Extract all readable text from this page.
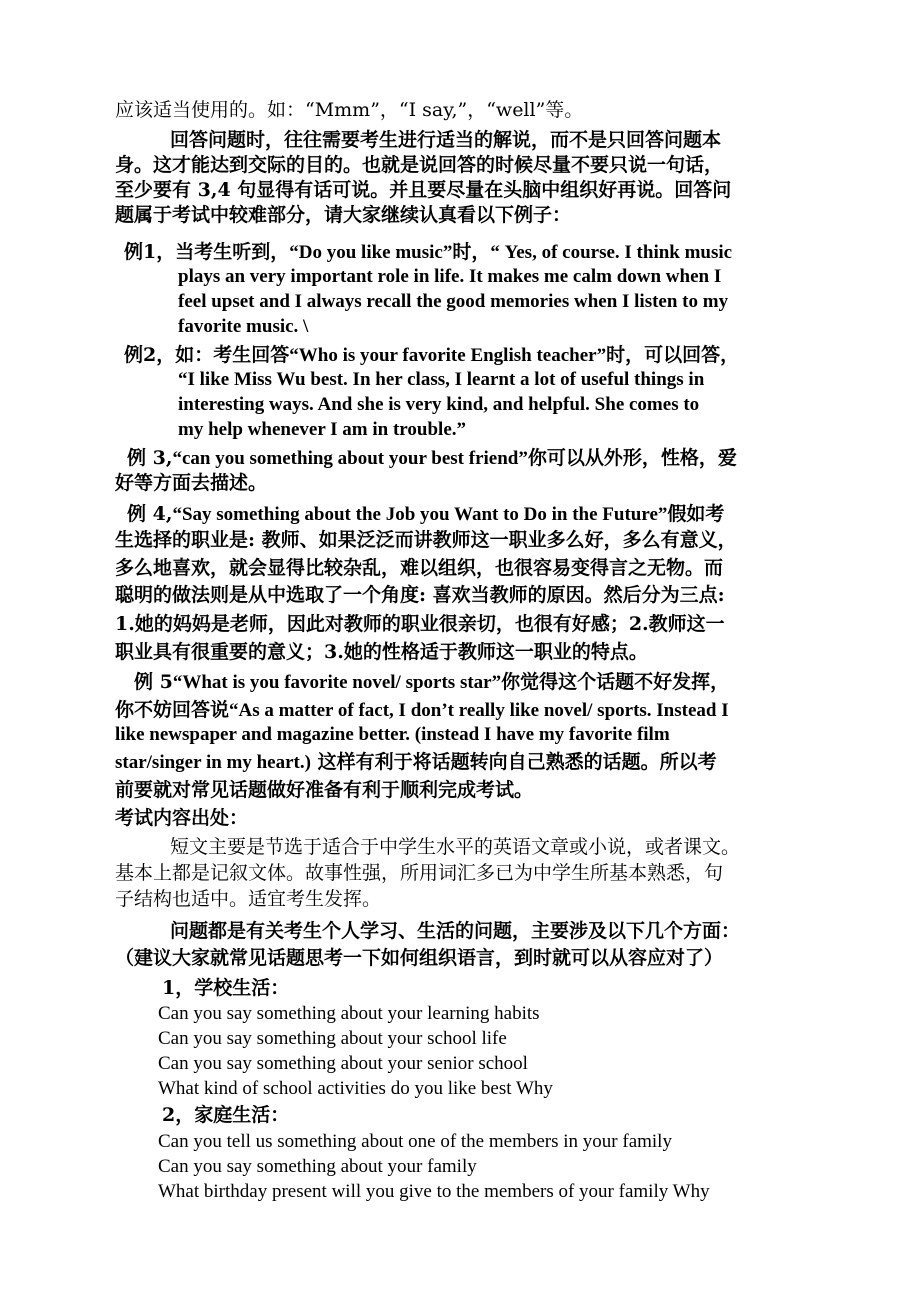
应该适当使用的。如：“Mmm”，“I say,”，“well”等。
回答问题时，往往需要考生进行适当的解说，而不是只回答问题本
身。这才能达到交际的目的。也就是说回答的时候尽量不要只说一句话，
至少要有 3,4 句显得有话可说。并且要尽量在头脑中组织好再说。回答问
题属于考试中较难部分，请大家继续认真看以下例子：
例1，当考生听到，“Do you like music”时，“ Yes, of course. I think music
plays an very important role in life. It makes me calm down when I
feel upset and I always recall the good memories when I listen to my
favorite music. \
例2，如：考生回答“Who is your favorite English teacher”时，可以回答，
“I like Miss Wu best. In her class, I learnt a lot of useful things in
interesting ways. And she is very kind, and helpful. She comes to
my help whenever I am in trouble.”
例 3,“can you something about your best friend”你可以从外形，性格，爱
好等方面去描述。
例 4,“Say something about the Job you Want to Do in the Future”假如考
生选择的职业是: 教师、如果泛泛而讲教师这一职业多么好，多么有意义，
多么地喜欢，就会显得比较杂乱，难以组织，也很容易变得言之无物。而
聪明的做法则是从中选取了一个角度: 喜欢当教师的原因。然后分为三点:
1.她的妈妈是老师，因此对教师的职业很亲切，也很有好感；2.教师这一
职业具有很重要的意义；3.她的性格适于教师这一职业的特点。
例 5“What is you favorite novel/ sports star”你觉得这个话题不好发挥，
你不妨回答说“As a matter of fact, I don’t really like novel/ sports. Instead I
like newspaper and magazine better. (instead I have my favorite film
star/singer in my heart.) 这样有利于将话题转向自己熟悉的话题。所以考
前要就对常见话题做好准备有利于顺利完成考试。
考试内容出处：
短文主要是节选于适合于中学生水平的英语文章或小说，或者课文。
基本上都是记叙文体。故事性强，所用词汇多已为中学生所基本熟悉，句
子结构也适中。适宜考生发挥。
问题都是有关考生个人学习、生活的问题，主要涉及以下几个方面：
（建议大家就常见话题思考一下如何组织语言，到时就可以从容应对了）
1，学校生活：
Can you say something about your learning habits
Can you say something about your school life
Can you say something about your senior school
What kind of school activities do you like best Why
2，家庭生活：
Can you tell us something about one of the members in your family
Can you say something about your family
What birthday present will you give to the members of your family Why
